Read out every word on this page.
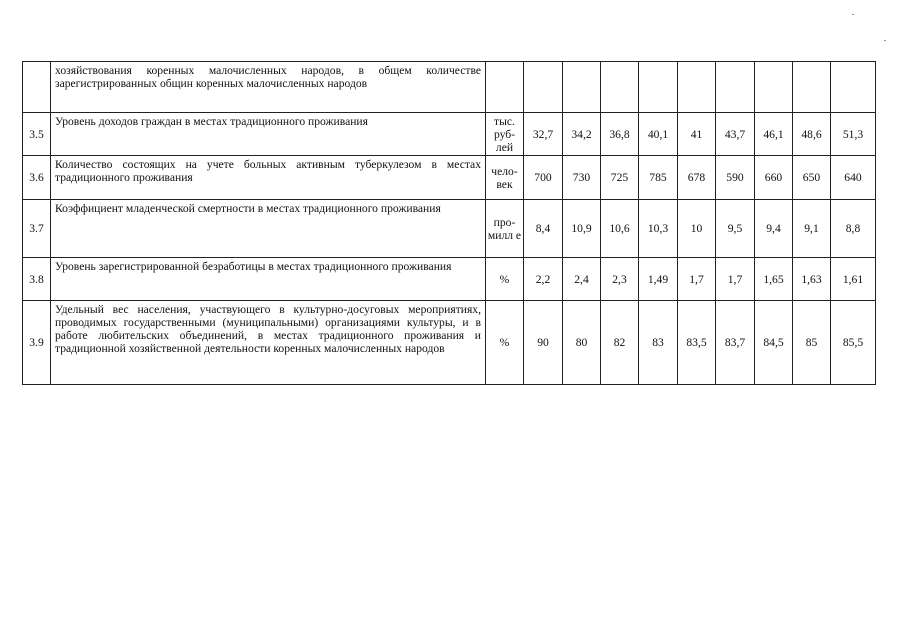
	хозяйствования коренных малочисленных народов, в общем количестве зарегистрированных общин коренных малочисленных народов										
3.5	Уровень доходов граждан в местах традиционного проживания	тыс. руб-лей	32,7	34,2	36,8	40,1	41	43,7	46,1	48,6	51,3
3.6	Количество состоящих на учете больных активным туберкулезом в местах традиционного проживания	чело-век	700	730	725	785	678	590	660	650	640
3.7	Коэффициент младенческой смертности в местах традиционного проживания	про-милл е	8,4	10,9	10,6	10,3	10	9,5	9,4	9,1	8,8
3.8	Уровень зарегистрированной безработицы в местах традиционного проживания	%	2,2	2,4	2,3	1,49	1,7	1,7	1,65	1,63	1,61
3.9	Удельный вес населения, участвующего в культурно-досуговых мероприятиях, проводимых государственными (муниципальными) организациями культуры, и в работе любительских объединений, в местах традиционного проживания и традиционной хозяйственной деятельности коренных малочисленных народов	%	90	80	82	83	83,5	83,7	84,5	85	85,5
